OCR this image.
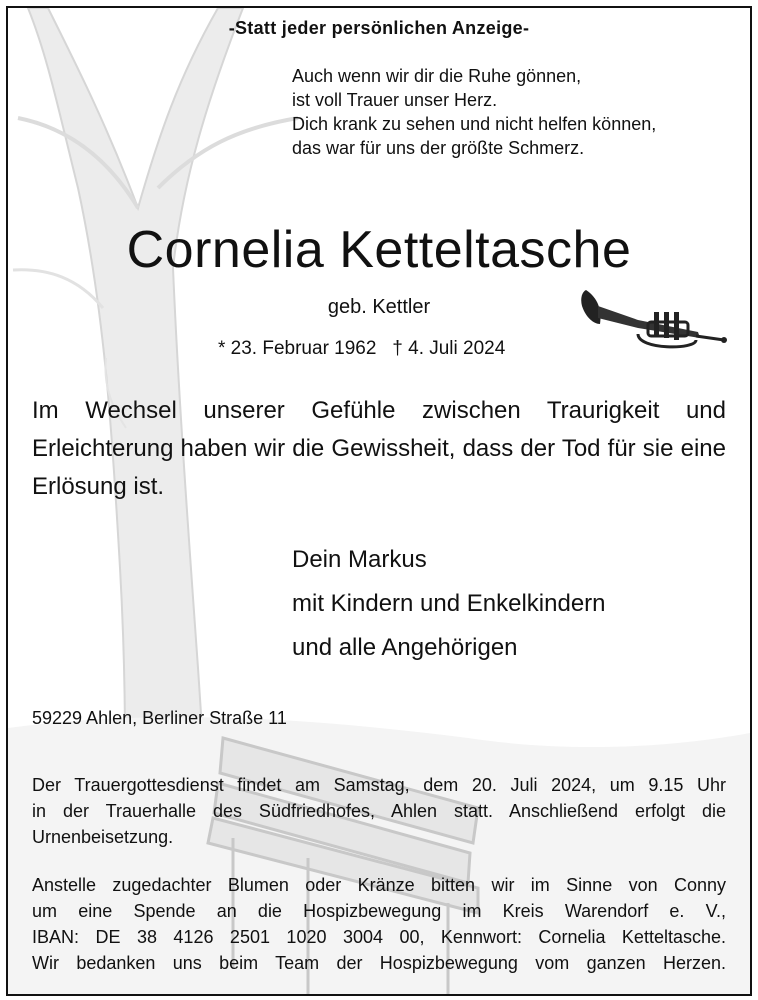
-Statt jeder persönlichen Anzeige-
Auch wenn wir dir die Ruhe gönnen,
ist voll Trauer unser Herz.
Dich krank zu sehen und nicht helfen können,
das war für uns der größte Schmerz.
Cornelia Ketteltasche
geb. Kettler
* 23. Februar 1962   † 4. Juli 2024
Im Wechsel unserer Gefühle zwischen Traurigkeit und Erleichterung haben wir die Gewissheit, dass der Tod für sie eine Erlösung ist.
Dein Markus
mit Kindern und Enkelkindern
und alle Angehörigen
59229 Ahlen, Berliner Straße 11
Der Trauergottesdienst findet am Samstag, dem 20. Juli 2024, um 9.15 Uhr
in der Trauerhalle des Südfriedhofes, Ahlen statt. Anschließend erfolgt die
Urnenbeisetzung.
Anstelle zugedachter Blumen oder Kränze bitten wir im Sinne von Conny
um eine Spende an die Hospizbewegung im Kreis Warendorf e. V.,
IBAN: DE 38 4126 2501 1020 3004 00, Kennwort: Cornelia Ketteltasche.
Wir bedanken uns beim Team der Hospizbewegung vom ganzen Herzen.
